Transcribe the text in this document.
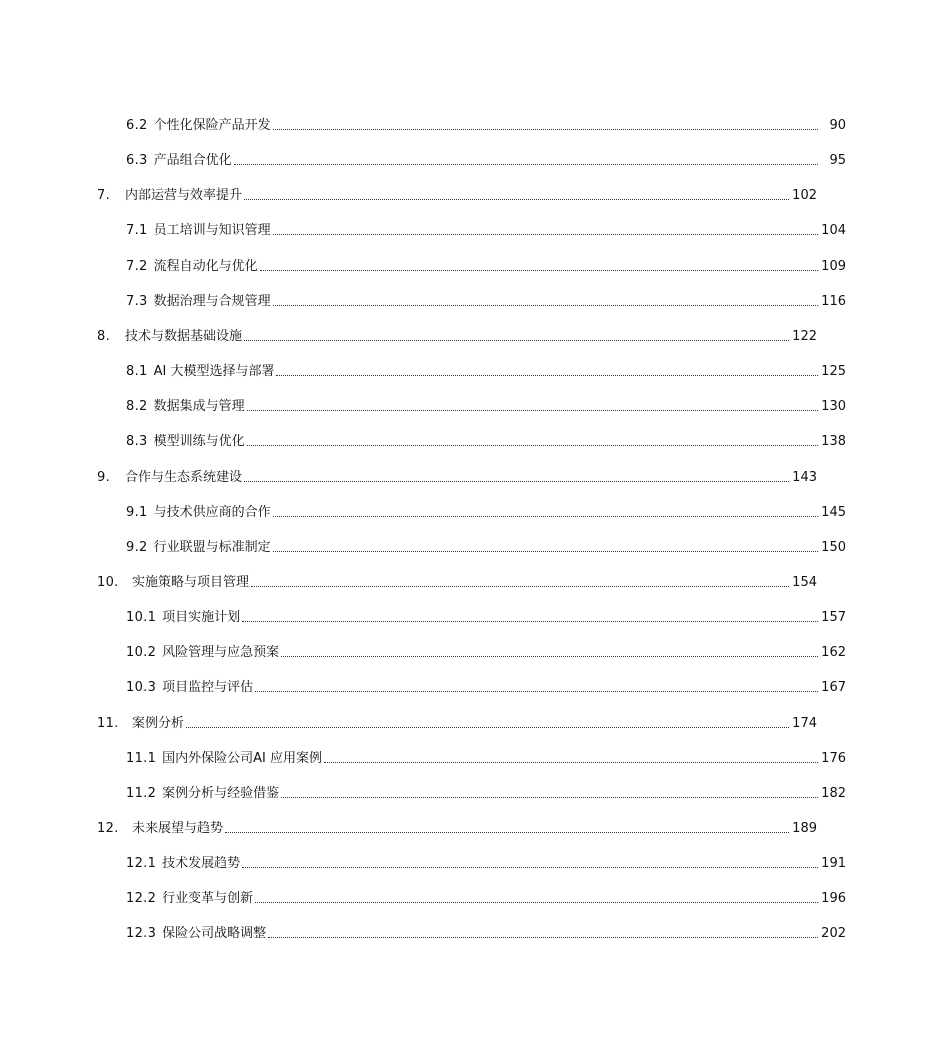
6.2 个性化保险产品开发	90
6.3 产品组合优化	95
7.	内部运营与效率提升	102
7.1 员工培训与知识管理	104
7.2 流程自动化与优化	109
7.3 数据治理与合规管理	116
8.	技术与数据基础设施	122
8.1 AI 大模型选择与部署	125
8.2 数据集成与管理	130
8.3 模型训练与优化	138
9.	合作与生态系统建设	143
9.1 与技术供应商的合作	145
9.2 行业联盟与标准制定	150
10.	实施策略与项目管理	154
10.1 项目实施计划	157
10.2 风险管理与应急预案	162
10.3 项目监控与评估	167
11.	案例分析	174
11.1 国内外保险公司AI 应用案例	176
11.2 案例分析与经验借鉴	182
12.	未来展望与趋势	189
12.1 技术发展趋势	191
12.2 行业变革与创新	196
12.3 保险公司战略调整	202
